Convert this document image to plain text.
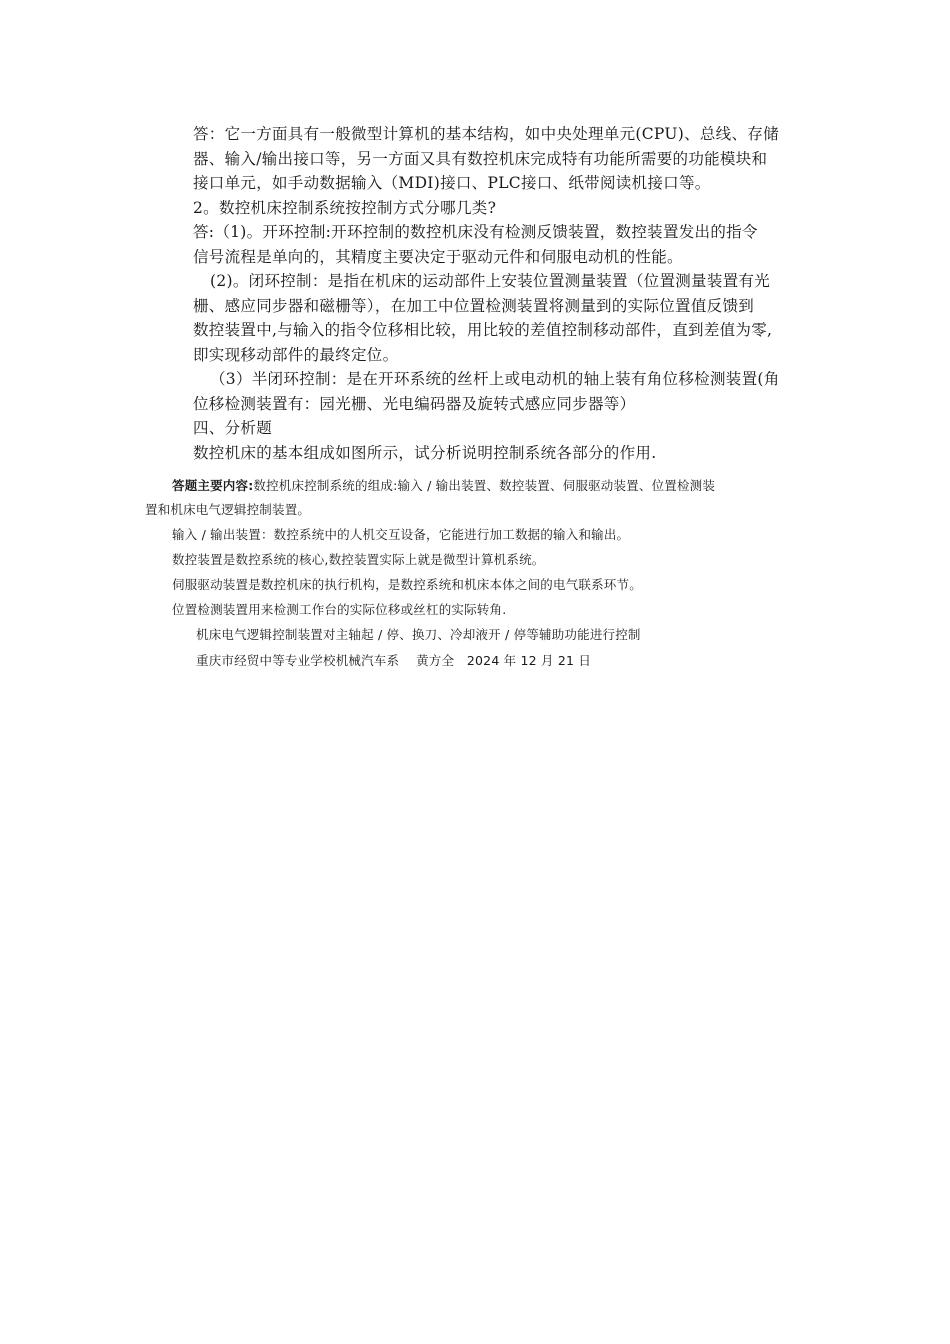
答：它一方面具有一般微型计算机的基本结构，如中央处理单元(CPU)、总线、存储
器、输入/输出接口等，另一方面又具有数控机床完成特有功能所需要的功能模块和
接口单元，如手动数据输入（MDI)接口、PLC接口、纸带阅读机接口等。
2。数控机床控制系统按控制方式分哪几类?
答:（1)。开环控制:开环控制的数控机床没有检测反馈装置，数控装置发出的指令
信号流程是单向的，其精度主要决定于驱动元件和伺服电动机的性能。
(2)。闭环控制：是指在机床的运动部件上安装位置测量装置（位置测量装置有光
栅、感应同步器和磁栅等），在加工中位置检测装置将测量到的实际位置值反馈到
数控装置中,与输入的指令位移相比较，用比较的差值控制移动部件，直到差值为零,
即实现移动部件的最终定位。
（3）半闭环控制：是在开环系统的丝杆上或电动机的轴上装有角位移检测装置(角
位移检测装置有：园光栅、光电编码器及旋转式感应同步器等）
四、分析题
数控机床的基本组成如图所示，试分析说明控制系统各部分的作用.
答题主要内容:数控机床控制系统的组成:输入 / 输出装置、数控装置、伺服驱动装置、位置检测装
置和机床电气逻辑控制装置。
输入 / 输出装置：数控系统中的人机交互设备，它能进行加工数据的输入和输出。
数控装置是数控系统的核心,数控装置实际上就是微型计算机系统。
伺服驱动装置是数控机床的执行机构，是数控系统和机床本体之间的电气联系环节。
位置检测装置用来检测工作台的实际位移或丝杠的实际转角.
机床电气逻辑控制装置对主轴起 / 停、换刀、冷却液开 / 停等辅助功能进行控制
重庆市经贸中等专业学校机械汽车系　 黄方全　2024 年 12 月 21 日
